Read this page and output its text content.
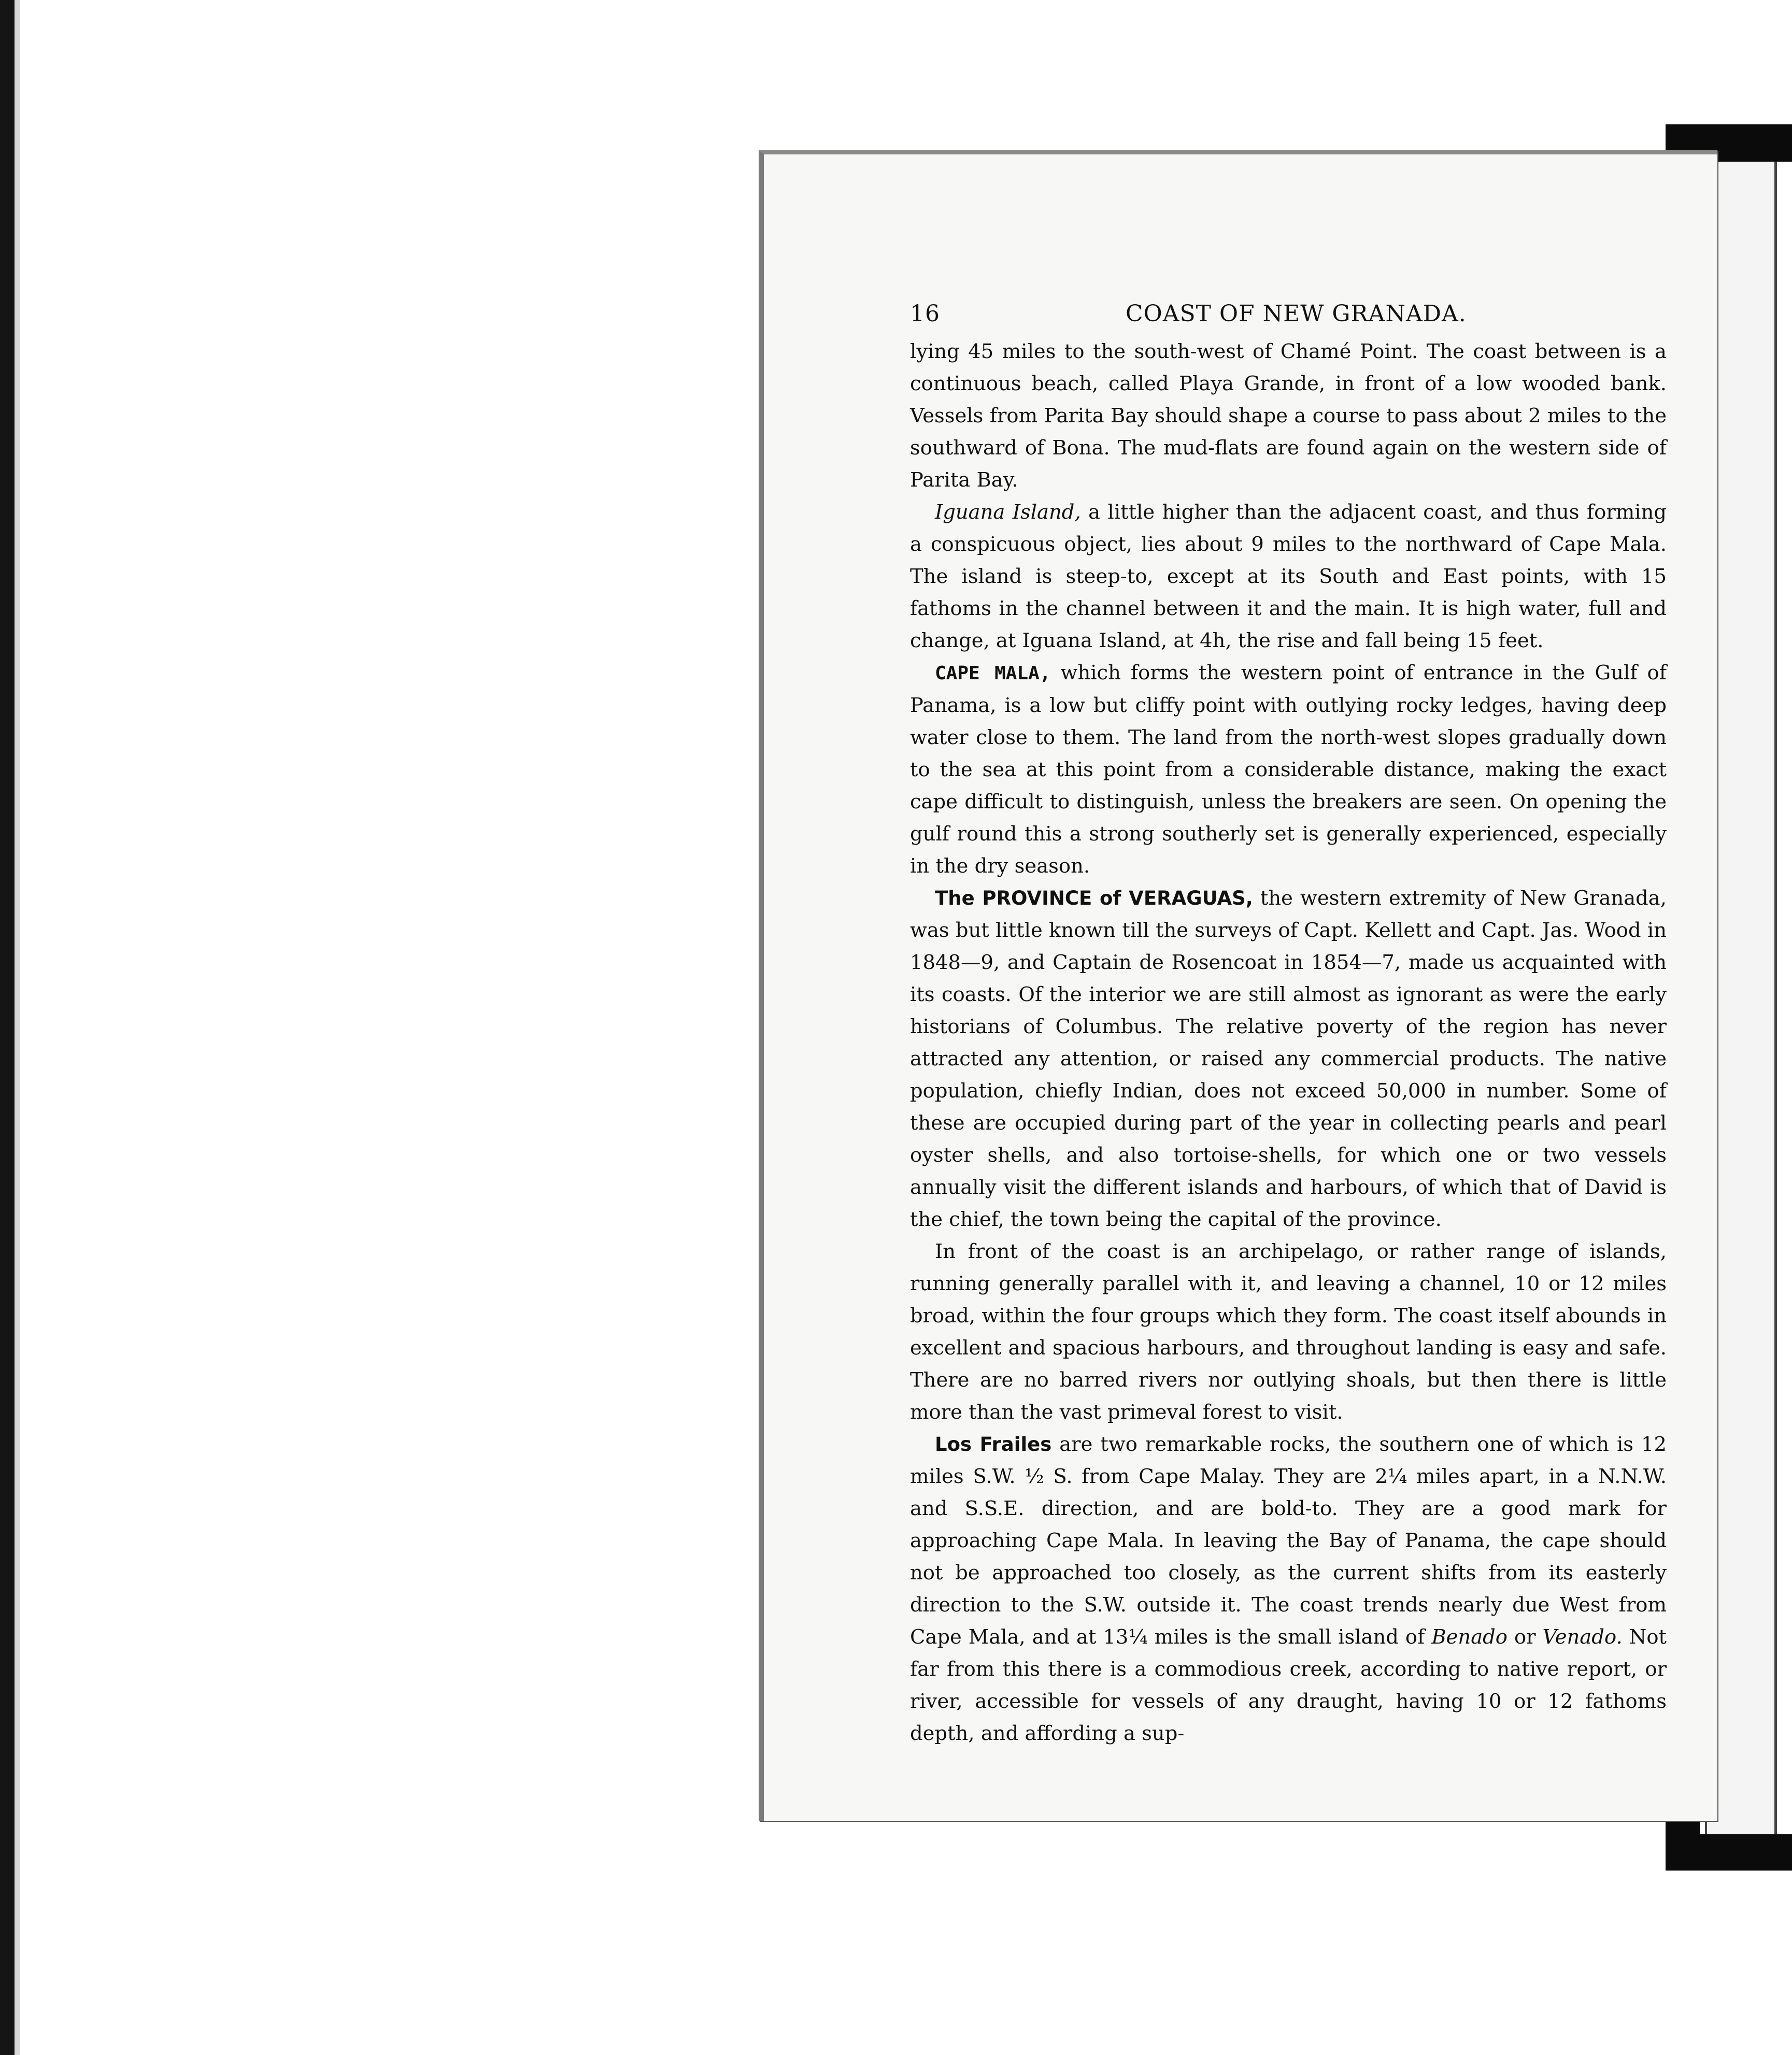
16	COAST OF NEW GRANADA.

lying 45 miles to the south-west of Chamé Point. The coast between is a continuous beach, called Playa Grande, in front of a low wooded bank. Vessels from Parita Bay should shape a course to pass about 2 miles to the southward of Bona. The mud-flats are found again on the western side of Parita Bay.

Iguana Island, a little higher than the adjacent coast, and thus forming a conspicuous object, lies about 9 miles to the northward of Cape Mala. The island is steep-to, except at its South and East points, with 15 fathoms in the channel between it and the main. It is high water, full and change, at Iguana Island, at 4h, the rise and fall being 15 feet.

CAPE MALA, which forms the western point of entrance in the Gulf of Panama, is a low but cliffy point with outlying rocky ledges, having deep water close to them. The land from the north-west slopes gradually down to the sea at this point from a considerable distance, making the exact cape difficult to distinguish, unless the breakers are seen. On opening the gulf round this a strong southerly set is generally experienced, especially in the dry season.

The PROVINCE of VERAGUAS, the western extremity of New Granada, was but little known till the surveys of Capt. Kellett and Capt. Jas. Wood in 1848—9, and Captain de Rosencoat in 1854—7, made us acquainted with its coasts. Of the interior we are still almost as ignorant as were the early historians of Columbus. The relative poverty of the region has never attracted any attention, or raised any commercial products. The native population, chiefly Indian, does not exceed 50,000 in number. Some of these are occupied during part of the year in collecting pearls and pearl oyster shells, and also tortoise-shells, for which one or two vessels annually visit the different islands and harbours, of which that of David is the chief, the town being the capital of the province.

In front of the coast is an archipelago, or rather range of islands, running generally parallel with it, and leaving a channel, 10 or 12 miles broad, within the four groups which they form. The coast itself abounds in excellent and spacious harbours, and throughout landing is easy and safe. There are no barred rivers nor outlying shoals, but then there is little more than the vast primeval forest to visit.

Los Frailes are two remarkable rocks, the southern one of which is 12 miles S.W. ½ S. from Cape Malay. They are 2¼ miles apart, in a N.N.W. and S.S.E. direction, and are bold-to. They are a good mark for approaching Cape Mala. In leaving the Bay of Panama, the cape should not be approached too closely, as the current shifts from its easterly direction to the S.W. outside it. The coast trends nearly due West from Cape Mala, and at 13¼ miles is the small island of Benado or Venado. Not far from this there is a commodious creek, according to native report, or river, accessible for vessels of any draught, having 10 or 12 fathoms depth, and affording a sup-
